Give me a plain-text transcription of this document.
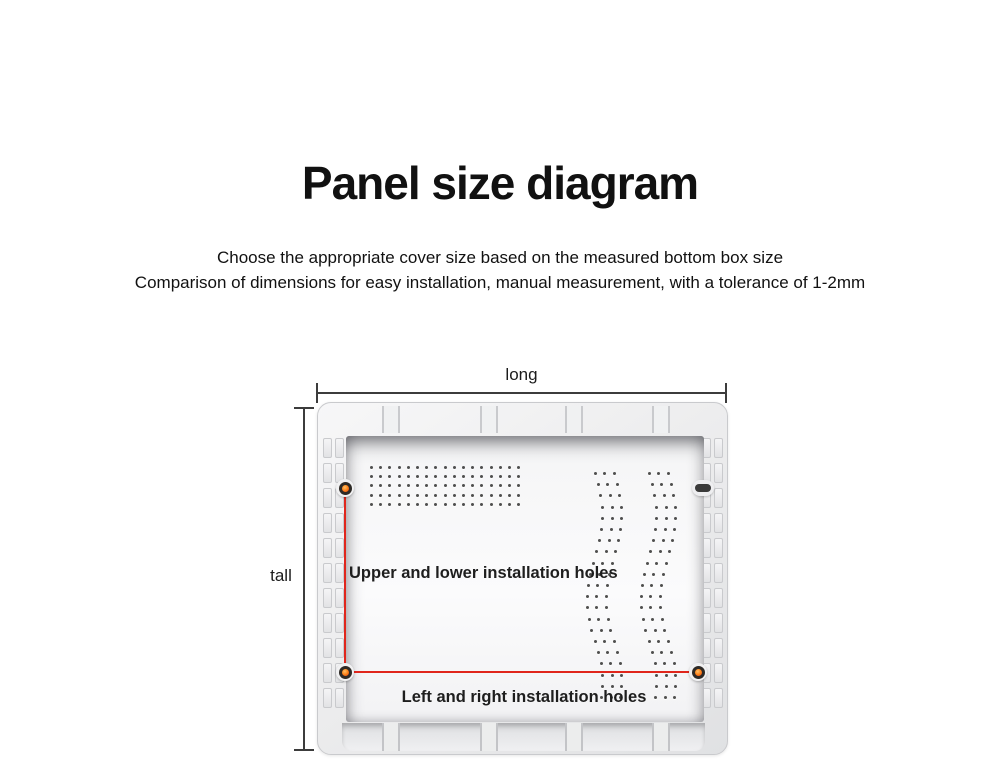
Panel size diagram
Choose the appropriate cover size based on the measured bottom box size
Comparison of dimensions for easy installation, manual measurement, with a tolerance of 1-2mm
long
tall	Upper and lower installation holes
Left and right installation holes
